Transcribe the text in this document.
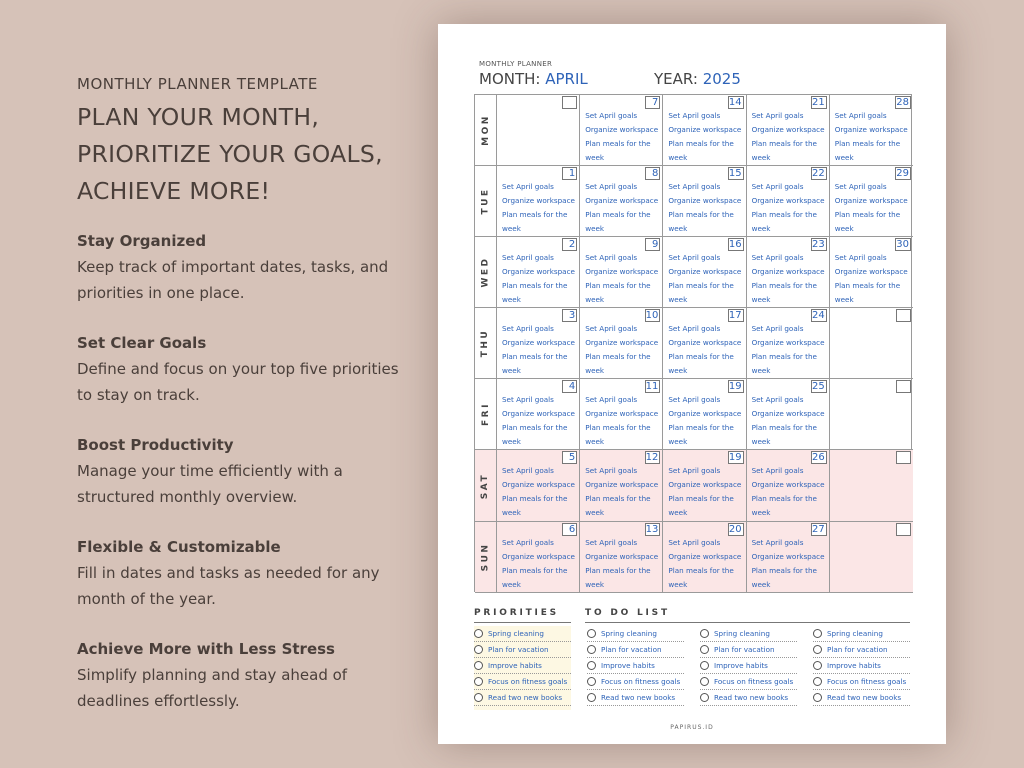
MONTHLY PLANNER TEMPLATE
PLAN YOUR MONTH,
PRIORITIZE YOUR GOALS,
ACHIEVE MORE!
Stay Organized
Keep track of important dates, tasks, and
priorities in one place.
Set Clear Goals
Define and focus on your top five priorities
to stay on track.
Boost Productivity
Manage your time efficiently with a
structured monthly overview.
Flexible & Customizable
Fill in dates and tasks as needed for any
month of the year.
Achieve More with Less Stress
Simplify planning and stay ahead of
deadlines effortlessly.
MONTHLY PLANNER
MONTH: APRIL	YEAR: 2025
MON
7
Set April goals
Organize workspace
Plan meals for the
week
14
Set April goals
Organize workspace
Plan meals for the
week
21
Set April goals
Organize workspace
Plan meals for the
week
28
Set April goals
Organize workspace
Plan meals for the
week
TUE
1
Set April goals
Organize workspace
Plan meals for the
week
8
Set April goals
Organize workspace
Plan meals for the
week
15
Set April goals
Organize workspace
Plan meals for the
week
22
Set April goals
Organize workspace
Plan meals for the
week
29
Set April goals
Organize workspace
Plan meals for the
week
WED
2
Set April goals
Organize workspace
Plan meals for the
week
9
Set April goals
Organize workspace
Plan meals for the
week
16
Set April goals
Organize workspace
Plan meals for the
week
23
Set April goals
Organize workspace
Plan meals for the
week
30
Set April goals
Organize workspace
Plan meals for the
week
THU
3
Set April goals
Organize workspace
Plan meals for the
week
10
Set April goals
Organize workspace
Plan meals for the
week
17
Set April goals
Organize workspace
Plan meals for the
week
24
Set April goals
Organize workspace
Plan meals for the
week
FRI
4
Set April goals
Organize workspace
Plan meals for the
week
11
Set April goals
Organize workspace
Plan meals for the
week
19
Set April goals
Organize workspace
Plan meals for the
week
25
Set April goals
Organize workspace
Plan meals for the
week
SAT
5
Set April goals
Organize workspace
Plan meals for the
week
12
Set April goals
Organize workspace
Plan meals for the
week
19
Set April goals
Organize workspace
Plan meals for the
week
26
Set April goals
Organize workspace
Plan meals for the
week
SUN
6
Set April goals
Organize workspace
Plan meals for the
week
13
Set April goals
Organize workspace
Plan meals for the
week
20
Set April goals
Organize workspace
Plan meals for the
week
27
Set April goals
Organize workspace
Plan meals for the
week
PRIORITIES	TO DO LIST
Spring cleaning
Plan for vacation
Improve habits
Focus on fitness goals
Read two new books
Spring cleaning
Plan for vacation
Improve habits
Focus on fitness goals
Read two new books
Spring cleaning
Plan for vacation
Improve habits
Focus on fitness goals
Read two new books
Spring cleaning
Plan for vacation
Improve habits
Focus on fitness goals
Read two new books
PAPIRUS.ID
